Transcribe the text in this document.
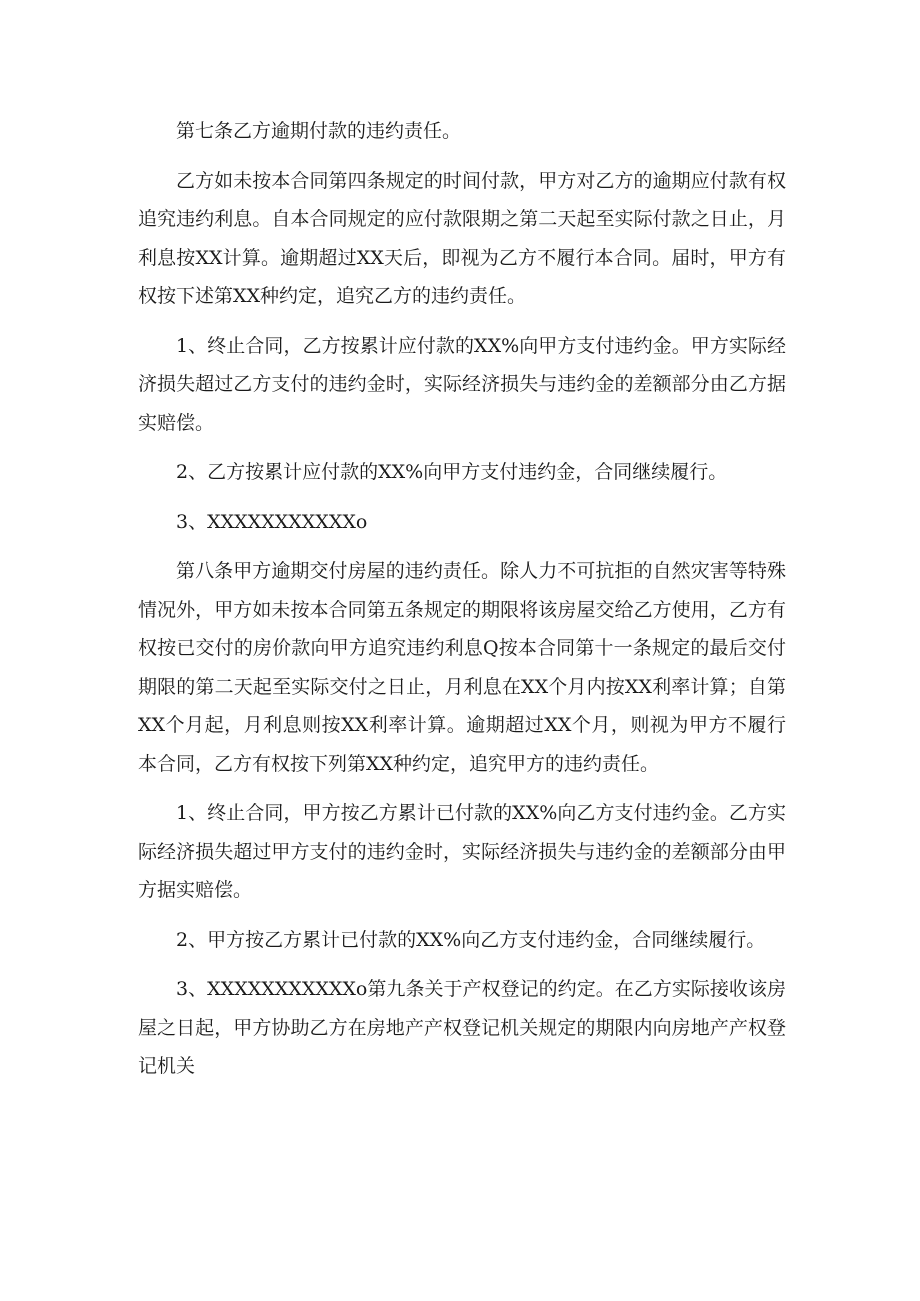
第七条乙方逾期付款的违约责任。

乙方如未按本合同第四条规定的时间付款，甲方对乙方的逾期应付款有权追究违约利息。自本合同规定的应付款限期之第二天起至实际付款之日止，月利息按XX计算。逾期超过XX天后，即视为乙方不履行本合同。届时，甲方有权按下述第XX种约定，追究乙方的违约责任。

1、终止合同，乙方按累计应付款的XX%向甲方支付违约金。甲方实际经济损失超过乙方支付的违约金时，实际经济损失与违约金的差额部分由乙方据实赔偿。

2、乙方按累计应付款的XX%向甲方支付违约金，合同继续履行。

3、XXXXXXXXXXXo

第八条甲方逾期交付房屋的违约责任。除人力不可抗拒的自然灾害等特殊情况外，甲方如未按本合同第五条规定的期限将该房屋交给乙方使用，乙方有权按已交付的房价款向甲方追究违约利息Q按本合同第十一条规定的最后交付期限的第二天起至实际交付之日止，月利息在XX个月内按XX利率计算；自第XX个月起，月利息则按XX利率计算。逾期超过XX个月，则视为甲方不履行本合同，乙方有权按下列第XX种约定，追究甲方的违约责任。

1、终止合同，甲方按乙方累计已付款的XX%向乙方支付违约金。乙方实际经济损失超过甲方支付的违约金时，实际经济损失与违约金的差额部分由甲方据实赔偿。

2、甲方按乙方累计已付款的XX%向乙方支付违约金，合同继续履行。

3、XXXXXXXXXXXo第九条关于产权登记的约定。在乙方实际接收该房屋之日起，甲方协助乙方在房地产产权登记机关规定的期限内向房地产产权登记机关
